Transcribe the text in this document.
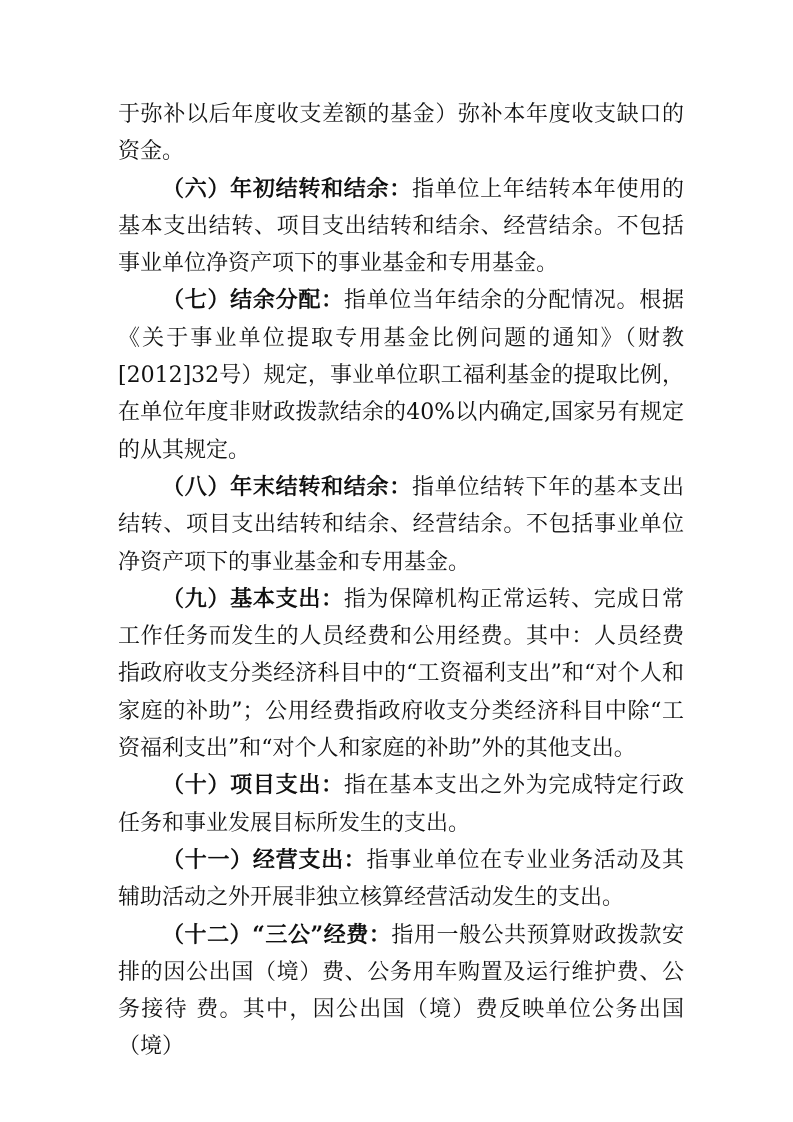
于弥补以后年度收支差额的基金）弥补本年度收支缺口的资金。

（六）年初结转和结余：指单位上年结转本年使用的基本支出结转、项目支出结转和结余、经营结余。不包括事业单位净资产项下的事业基金和专用基金。

（七）结余分配：指单位当年结余的分配情况。根据《关于事业单位提取专用基金比例问题的通知》（财教[2012]32号）规定，事业单位职工福利基金的提取比例，在单位年度非财政拨款结余的40%以内确定,国家另有规定的从其规定。

（八）年末结转和结余：指单位结转下年的基本支出结转、项目支出结转和结余、经营结余。不包括事业单位净资产项下的事业基金和专用基金。

（九）基本支出：指为保障机构正常运转、完成日常工作任务而发生的人员经费和公用经费。其中：人员经费指政府收支分类经济科目中的“工资福利支出”和“对个人和家庭的补助”；公用经费指政府收支分类经济科目中除“工资福利支出”和“对个人和家庭的补助”外的其他支出。

（十）项目支出：指在基本支出之外为完成特定行政任务和事业发展目标所发生的支出。

（十一）经营支出：指事业单位在专业业务活动及其辅助活动之外开展非独立核算经营活动发生的支出。

（十二）“三公”经费：指用一般公共预算财政拨款安排的因公出国（境）费、公务用车购置及运行维护费、公务接待 费。其中，因公出国（境）费反映单位公务出国（境）
